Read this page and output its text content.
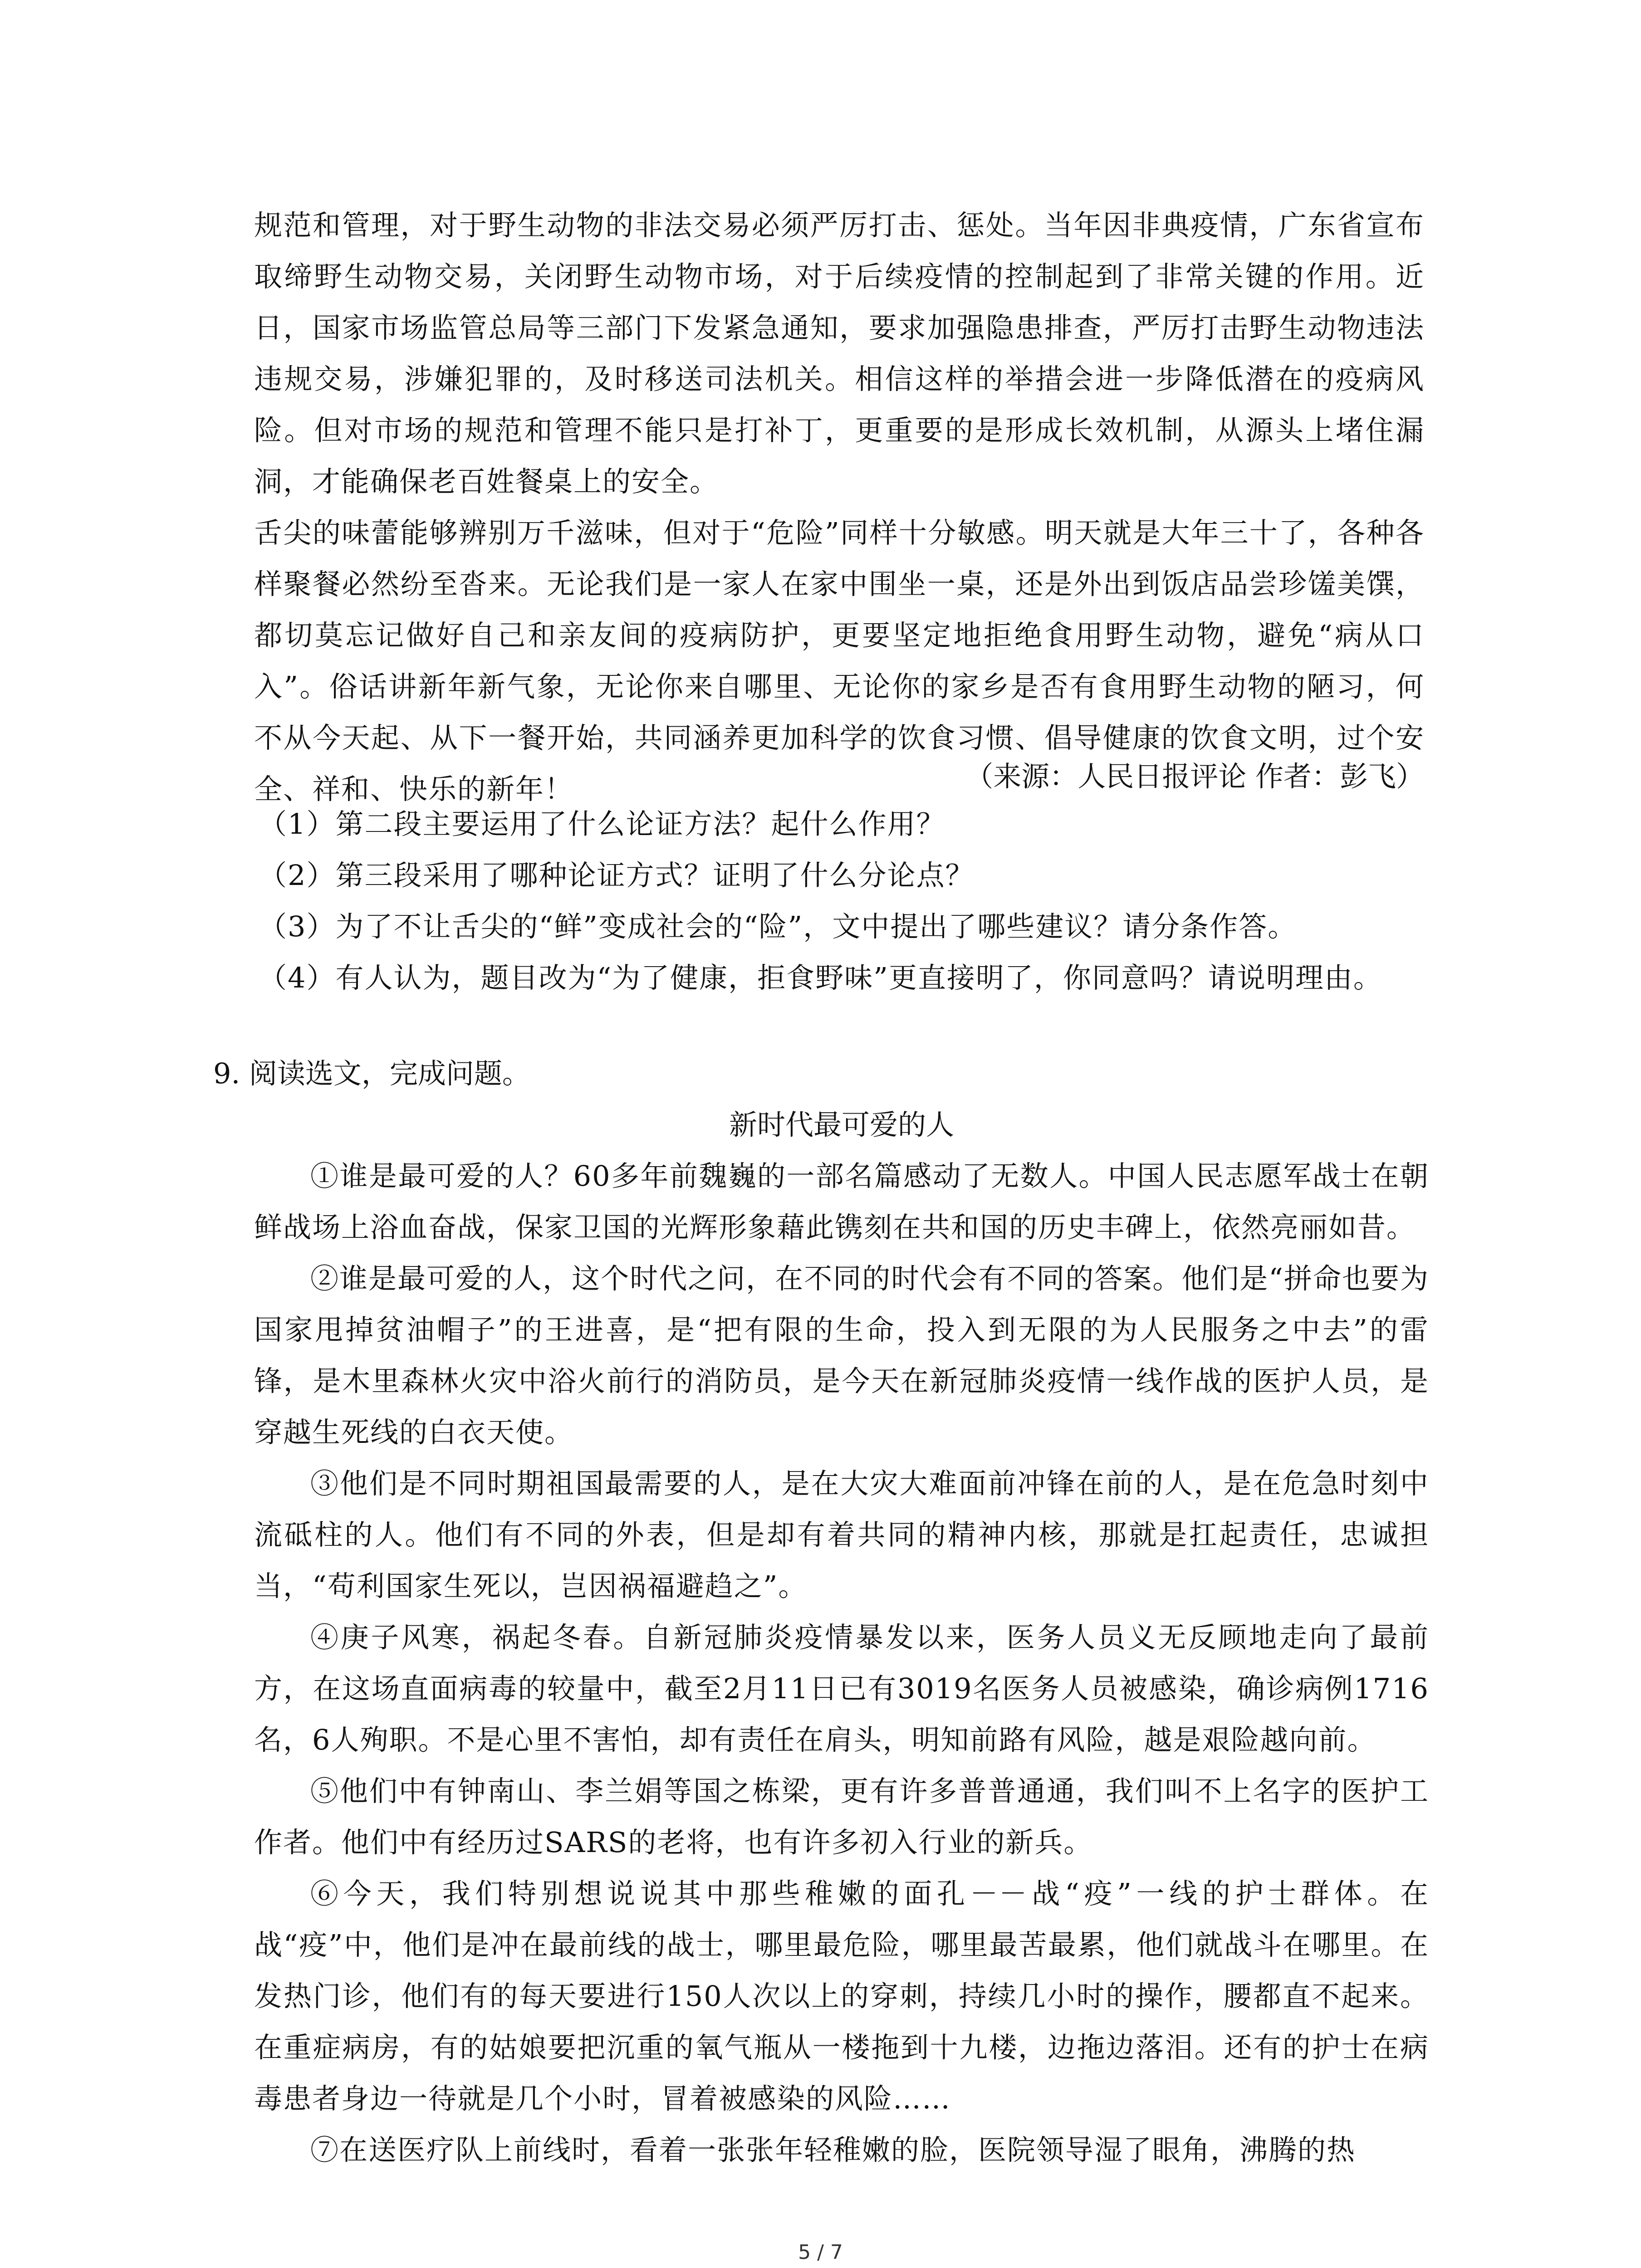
规范和管理，对于野生动物的非法交易必须严厉打击、惩处。当年因非典疫情，广东省宣布取缔野生动物交易，关闭野生动物市场，对于后续疫情的控制起到了非常关键的作用。近日，国家市场监管总局等三部门下发紧急通知，要求加强隐患排查，严厉打击野生动物违法违规交易，涉嫌犯罪的，及时移送司法机关。相信这样的举措会进一步降低潜在的疫病风险。但对市场的规范和管理不能只是打补丁，更重要的是形成长效机制，从源头上堵住漏洞，才能确保老百姓餐桌上的安全。

舌尖的味蕾能够辨别万千滋味，但对于“危险”同样十分敏感。明天就是大年三十了，各种各样聚餐必然纷至沓来。无论我们是一家人在家中围坐一桌，还是外出到饭店品尝珍馐美馔，都切莫忘记做好自己和亲友间的疫病防护，更要坚定地拒绝食用野生动物，避免“病从口入”。俗话讲新年新气象，无论你来自哪里、无论你的家乡是否有食用野生动物的陋习，何不从今天起、从下一餐开始，共同涵养更加科学的饮食习惯、倡导健康的饮食文明，过个安全、祥和、快乐的新年！	（来源：人民日报评论 作者：彭飞）

（1）第二段主要运用了什么论证方法？起什么作用？

（2）第三段采用了哪种论证方式？证明了什么分论点？

（3）为了不让舌尖的“鲜”变成社会的“险”，文中提出了哪些建议？请分条作答。

（4）有人认为，题目改为“为了健康，拒食野味”更直接明了，你同意吗？请说明理由。

9. 阅读选文，完成问题。

新时代最可爱的人

①谁是最可爱的人？60多年前魏巍的一部名篇感动了无数人。中国人民志愿军战士在朝鲜战场上浴血奋战，保家卫国的光辉形象藉此镌刻在共和国的历史丰碑上，依然亮丽如昔。

②谁是最可爱的人，这个时代之问，在不同的时代会有不同的答案。他们是“拼命也要为国家甩掉贫油帽子”的王进喜，是“把有限的生命，投入到无限的为人民服务之中去”的雷锋，是木里森林火灾中浴火前行的消防员，是今天在新冠肺炎疫情一线作战的医护人员，是穿越生死线的白衣天使。

③他们是不同时期祖国最需要的人，是在大灾大难面前冲锋在前的人，是在危急时刻中流砥柱的人。他们有不同的外表，但是却有着共同的精神内核，那就是扛起责任，忠诚担当，“苟利国家生死以，岂因祸福避趋之”。

④庚子风寒，祸起冬春。自新冠肺炎疫情暴发以来，医务人员义无反顾地走向了最前方，在这场直面病毒的较量中，截至2月11日已有3019名医务人员被感染，确诊病例1716名，6人殉职。不是心里不害怕，却有责任在肩头，明知前路有风险，越是艰险越向前。

⑤他们中有钟南山、李兰娟等国之栋梁，更有许多普普通通，我们叫不上名字的医护工作者。他们中有经历过SARS的老将，也有许多初入行业的新兵。

⑥今天，我们特别想说说其中那些稚嫩的面孔－－战“疫”一线的护士群体。在战“疫”中，他们是冲在最前线的战士，哪里最危险，哪里最苦最累，他们就战斗在哪里。在发热门诊，他们有的每天要进行150人次以上的穿刺，持续几小时的操作，腰都直不起来。在重症病房，有的姑娘要把沉重的氧气瓶从一楼拖到十九楼，边拖边落泪。还有的护士在病毒患者身边一待就是几个小时，冒着被感染的风险……

⑦在送医疗队上前线时，看着一张张年轻稚嫩的脸，医院领导湿了眼角，沸腾的热

5 / 7
